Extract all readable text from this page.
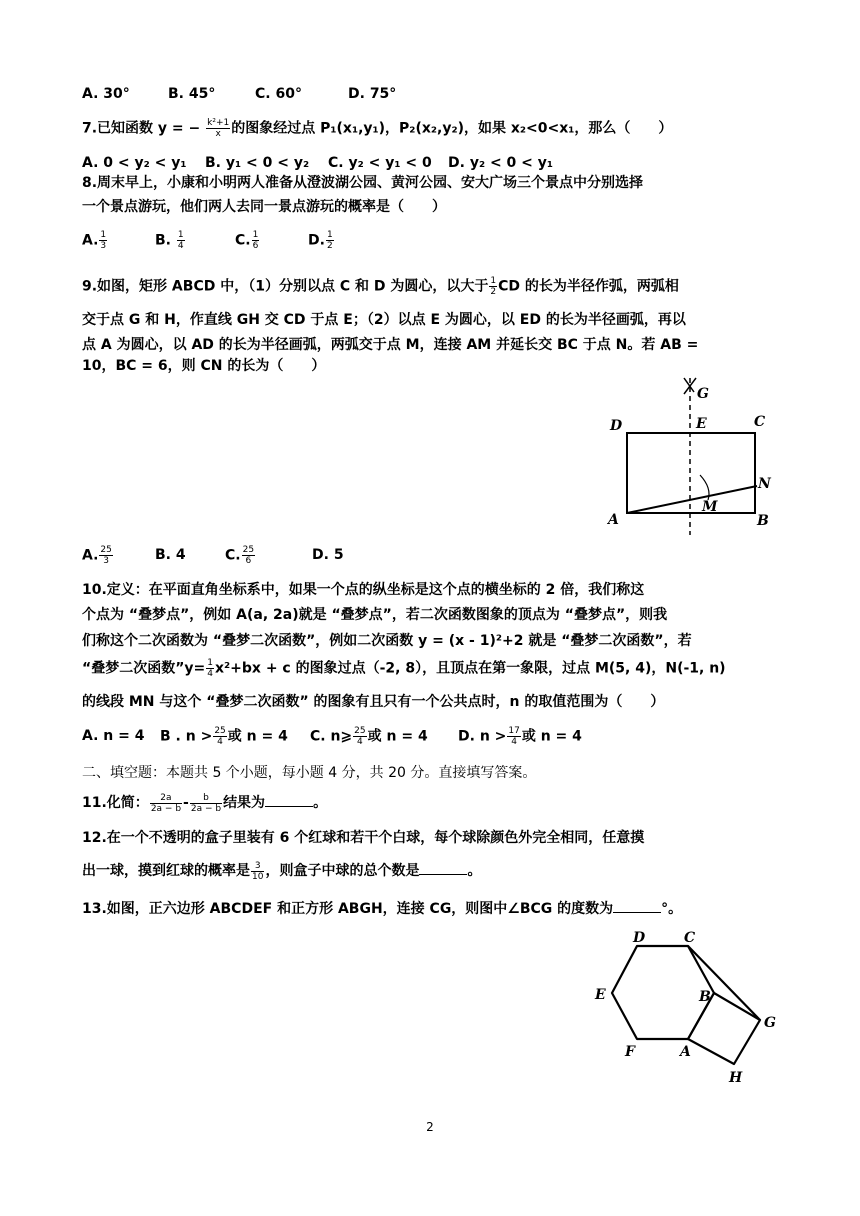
A. 30°	B. 45°	C. 60°	D. 75°
7.已知函数 y = − $\frac{\text{k²+1}}{x}$ 的图象经过点 P₁(x₁,y₁)，P₂(x₂,y₂)，如果 x₂<0<x₁，那么（　　）
A. 0 < y₂ < y₁ B. y₁ < 0 < y₂ C. y₂ < y₁ < 0 D. y₂ < 0 < y₁
8.周末早上，小康和小明两人准备从澄波湖公园、黄河公园、安大广场三个景点中分别选择
一个景点游玩，他们两人去同一景点游玩的概率是（　　）
A. $\frac{1}{3}$	B. $\frac{1}{4}$	C. $\frac{1}{6}$	D. $\frac{1}{2}$
9.如图，矩形 ABCD 中，（1）分别以点 C 和 D 为圆心，以大于 $\frac{1}{2}$ CD 的长为半径作弧，两弧相
交于点 G 和 H，作直线 GH 交 CD 于点 E；（2）以点 E 为圆心，以 ED 的长为半径画弧，再以
点 A 为圆心，以 AD 的长为半径画弧，两弧交于点 M，连接 AM 并延长交 BC 于点 N。若 AB =
10，BC = 6，则 CN 的长为（　　）
D	E	C
G
N
M
A	B
A. $\frac{25}{3}$	B. 4	C. $\frac{25}{6}$	D. 5
10.定义：在平面直角坐标系中，如果一个点的纵坐标是这个点的横坐标的 2 倍，我们称这
个点为 “叠梦点”，例如 A(a, 2a)就是 “叠梦点”，若二次函数图象的顶点为 “叠梦点”，则我
们称这个二次函数为 “叠梦二次函数”，例如二次函数 y = (x - 1)²+2 就是 “叠梦二次函数”，若
“叠梦二次函数”y= $\frac{1}{4} x^2+bx + c$ 的图象过点（-2, 8），且顶点在第一象限，过点 M(5, 4)，N(-1, n)
的线段 MN 与这个 “叠梦二次函数” 的图象有且只有一个公共点时，n 的取值范围为（　　）
A. n = 4 B . $n > \frac{25}{4}$ 或 n = 4 C. n⩾ $\frac{25}{4}$ 或 n = 4 D. $n > \frac{17}{4}$ 或 n = 4
二、填空题：本题共 5 个小题，每小题 4 分，共 20 分。直接填写答案。
11.化简： $\frac{2a}{2a - b} - \frac{b}{2a - b}$ 结果为	。
12.在一个不透明的盒子里装有 6 个红球和若干个白球，每个球除颜色外完全相同，任意摸
出一球，摸到红球的概率是 $\frac{3}{10}$ ，则盒子中球的总个数是	。
13.如图，正六边形 ABCDEF 和正方形 ABGH，连接 CG，则图中∠BCG 的度数为	°。
D	C
E	B
G
F	A
H
2
